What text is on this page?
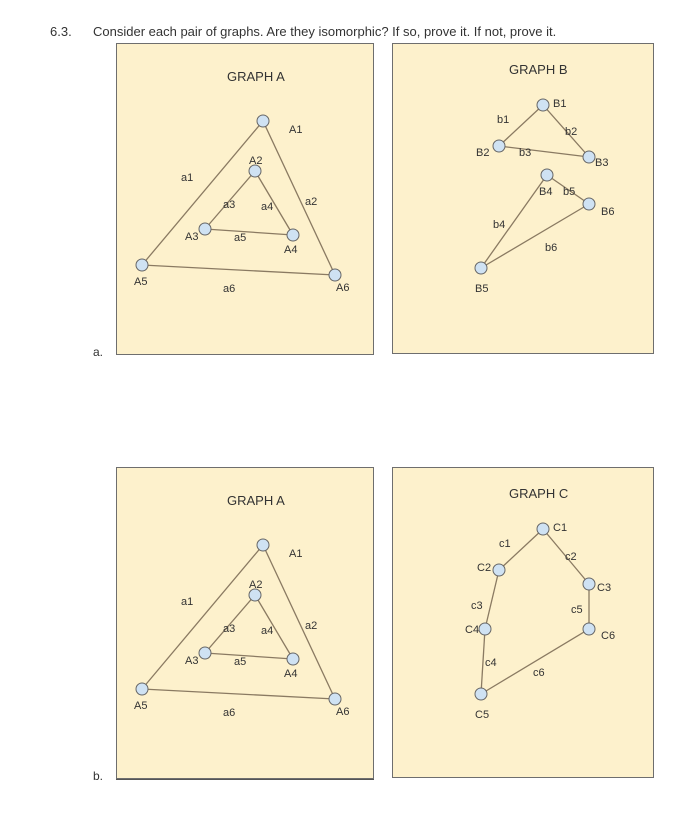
6.3. Consider each pair of graphs. Are they isomorphic? If so, prove it. If not, prove it.
a.
GRAPH A
A1
A2
A3
A4
A5	A6
a1
a2
a3 a4
a5
a6
GRAPH B
B1
B2
B3
B4
B5
B6
b1
b2
b3
b4
b5
b6
b.
GRAPH A
A1
A2
A3
A4
A5	A6
a1
a2
a3 a4
a5
a6
GRAPH C
C1
C2
C3
C4
C5
C6
c1
c2
c3
c4
c5
c6
